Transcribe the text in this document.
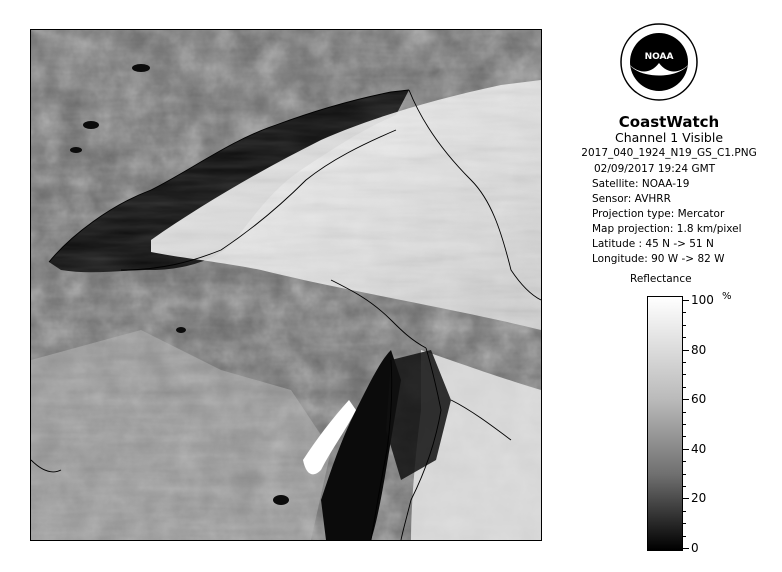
NOAA
CoastWatch
Channel 1 Visible
2017_040_1924_N19_GS_C1.PNG
02/09/2017 19:24 GMT
Satellite: NOAA-19
Sensor: AVHRR
Projection type: Mercator
Map projection: 1.8 km/pixel
Latitude : 45 N -> 51 N
Longitude: 90 W -> 82 W
Reflectance
%
100
80
60
40
20
0
